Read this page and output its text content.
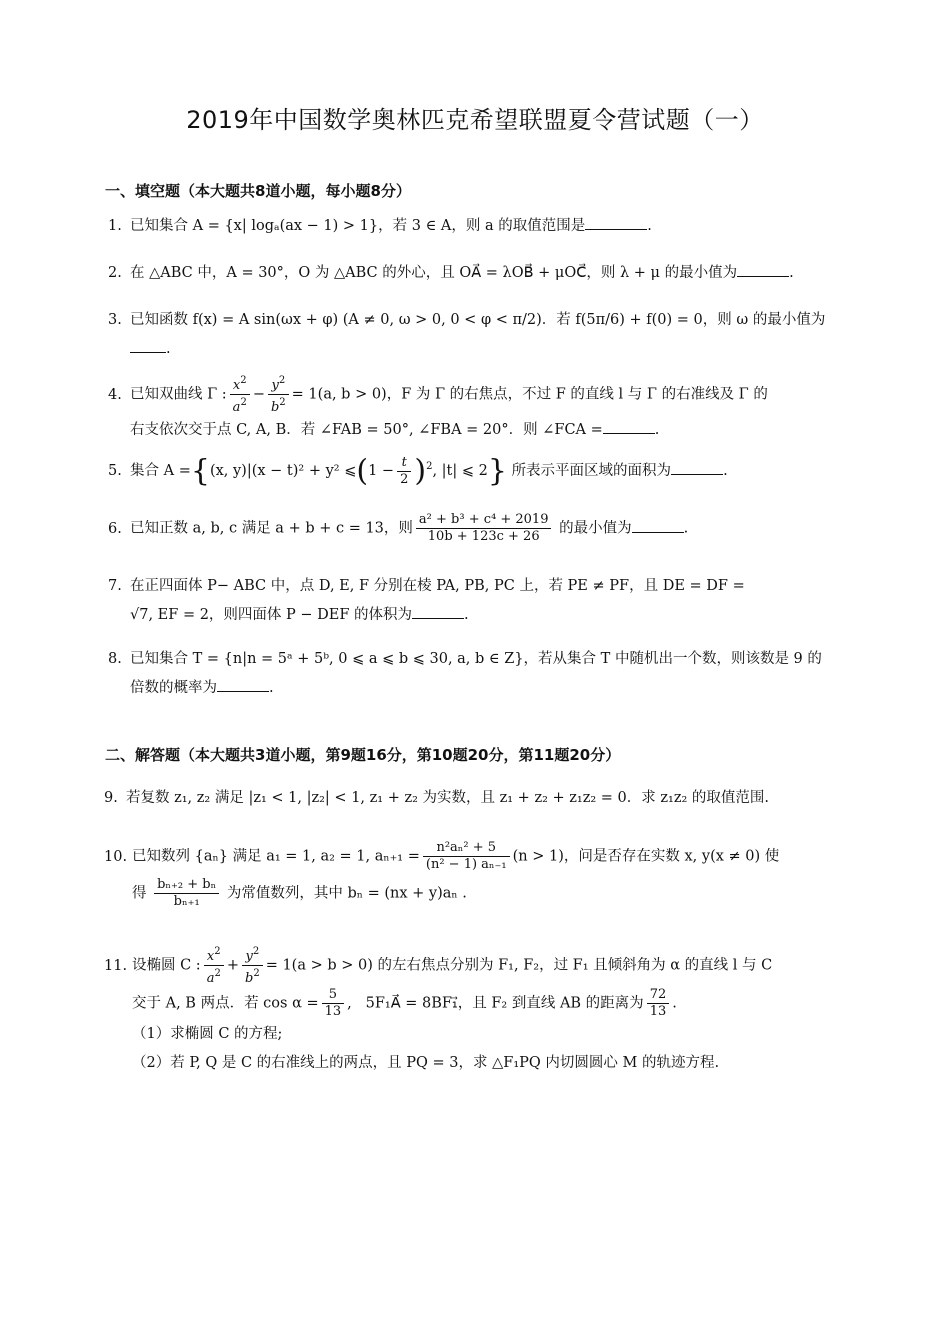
2019年中国数学奥林匹克希望联盟夏令营试题（一）
一、填空题（本大题共8道小题，每小题8分）
1. 已知集合 A = {x| logₐ(ax − 1) > 1}，若 3 ∈ A，则 a 的取值范围是	.
2. 在 △ABC 中，A = 30°，O 为 △ABC 的外心，且 OA⃗ = λOB⃗ + μOC⃗，则 λ + μ 的最小值为	.
3. 已知函数 f(x) = A sin(ωx + φ) (A ≠ 0, ω > 0, 0 < φ < π/2)．若 f(5π/6) + f(0) = 0，则 ω 的最小值为
.
4. 已知双曲线 Γ : $\frac{x^2}{a^2} - \frac{y^2}{b^2} = 1(a$, b > 0)，F 为 Γ 的右焦点，不过 F 的直线 l 与 Γ 的右准线及 Γ 的
右支依次交于点 C, A, B．若 ∠FAB = 50°, ∠FBA = 20°．则 ∠FCA =	.
5. 集合 A ={(x, y)|(x − t)² + y² ⩽(1 − $\frac{t}{2} )^2$, |t| ⩽ 2} 所表示平面区域的面积为	.
6. 已知正数 a, b, c 满足 a + b + c = 13，则 $\frac{\text{a² + b³ + c⁴ + 2019}}{10b + 123c + 26}$ 的最小值为	.
7. 在正四面体 P− ABC 中，点 D, E, F 分别在棱 PA, PB, PC 上，若 PE ≠ PF，且 DE = DF =
√7, EF = 2，则四面体 P − DEF 的体积为	.
8. 已知集合 T = {n|n = 5ᵃ + 5ᵇ, 0 ⩽ a ⩽ b ⩽ 30, a, b ∈ Z}，若从集合 T 中随机出一个数，则该数是 9 的
倍数的概率为	.
二、解答题（本大题共3道小题，第9题16分，第10题20分，第11题20分）
9. 若复数 z₁, z₂ 满足 |z₁ < 1, |z₂| < 1, z₁ + z₂ 为实数，且 z₁ + z₂ + z₁z₂ = 0．求 z₁z₂ 的取值范围.
10. 已知数列 {aₙ} 满足 a₁ = 1, a₂ = 1, $a_{n+1} = \frac{\text{n²aₙ² + 5}}{\text{(n² − 1) aₙ₋₁}} (n > 1)$，问是否存在实数 x, y(x ≠ 0) 使
得 $\frac{\text{bₙ₊₂ + bₙ}}{\text{bₙ₊₁}}$ 为常值数列，其中 bₙ = (nx + y)aₙ .
11. 设椭圆 C : $\frac{x^2}{a^2} + \frac{y^2}{b^2} = 1(a > b > 0)$ 的左右焦点分别为 F₁, F₂，过 F₁ 且倾斜角为 α 的直线 l 与 C
交于 A, B 两点．若 $\cos \alpha = \frac{5}{13}$ ,   5F₁A⃗ = 8BF₁⃗，且 F₂ 到直线 AB 的距离为 $\frac{72}{13}$ .
（1）求椭圆 C 的方程;
（2）若 P, Q 是 C 的右准线上的两点，且 PQ = 3，求 △F₁PQ 内切圆圆心 M 的轨迹方程.
